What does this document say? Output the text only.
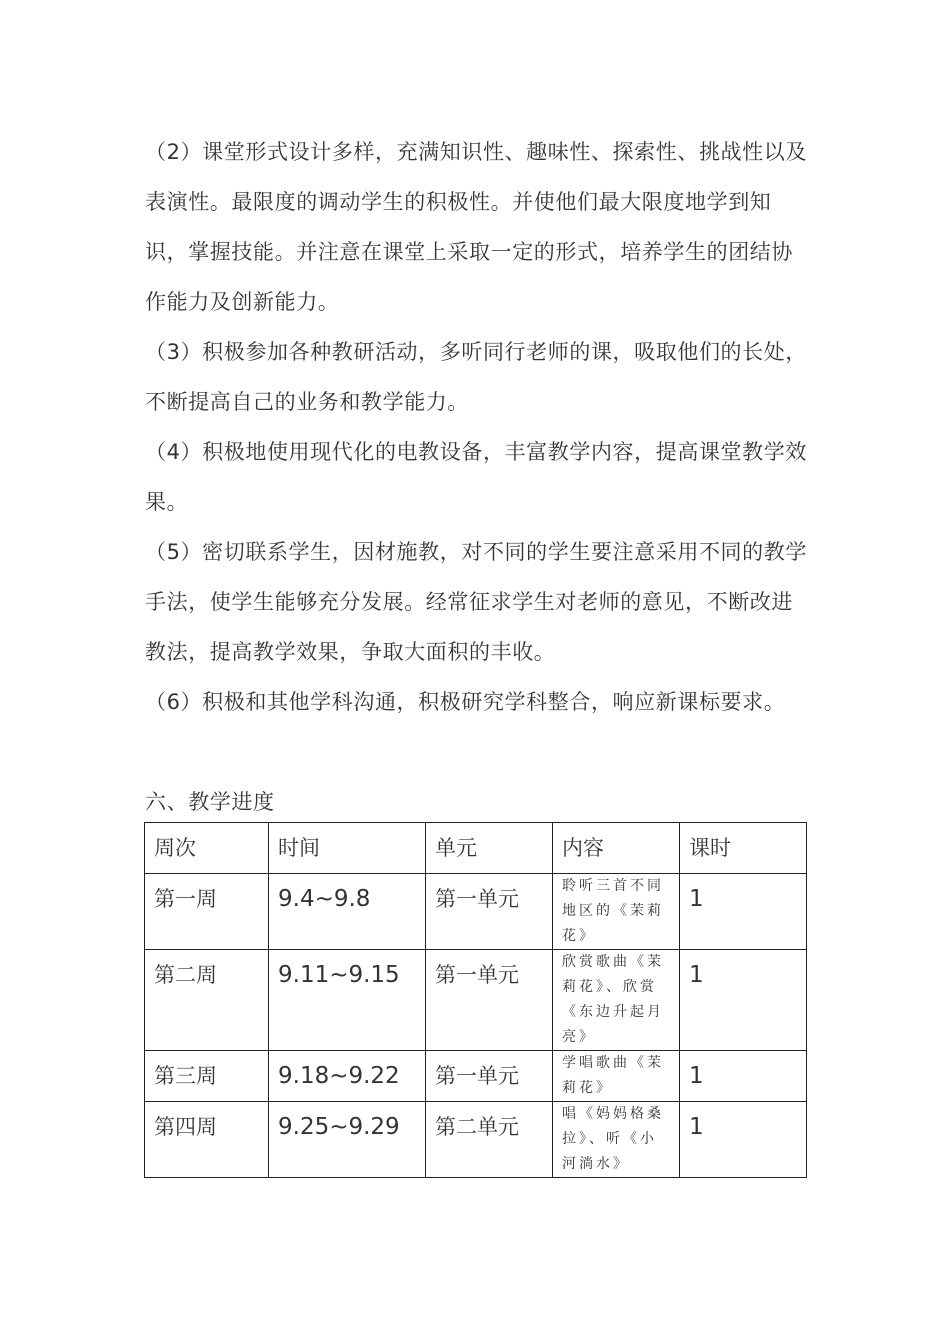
（2）课堂形式设计多样，充满知识性、趣味性、探索性、挑战性以及表演性。最限度的调动学生的积极性。并使他们最大限度地学到知识，掌握技能。并注意在课堂上采取一定的形式，培养学生的团结协作能力及创新能力。

（3）积极参加各种教研活动，多听同行老师的课，吸取他们的长处，不断提高自己的业务和教学能力。

（4）积极地使用现代化的电教设备，丰富教学内容，提高课堂教学效果。

（5）密切联系学生，因材施教，对不同的学生要注意采用不同的教学手法，使学生能够充分发展。经常征求学生对老师的意见，不断改进教法，提高教学效果，争取大面积的丰收。

（6）积极和其他学科沟通，积极研究学科整合，响应新课标要求。

六、教学进度

周次	时间	单元	内容	课时

第一周	9.4~9.8	第一单元	聆听三首不同地区的《茉莉花》	1

第二周	9.11~9.15	第一单元	欣赏歌曲《茉莉花》、欣赏《东边升起月亮》	1

第三周	9.18~9.22	第一单元	学唱歌曲《茉莉花》	1

第四周	9.25~9.29	第二单元	唱《妈妈格桑拉》、听《小河淌水》	1
